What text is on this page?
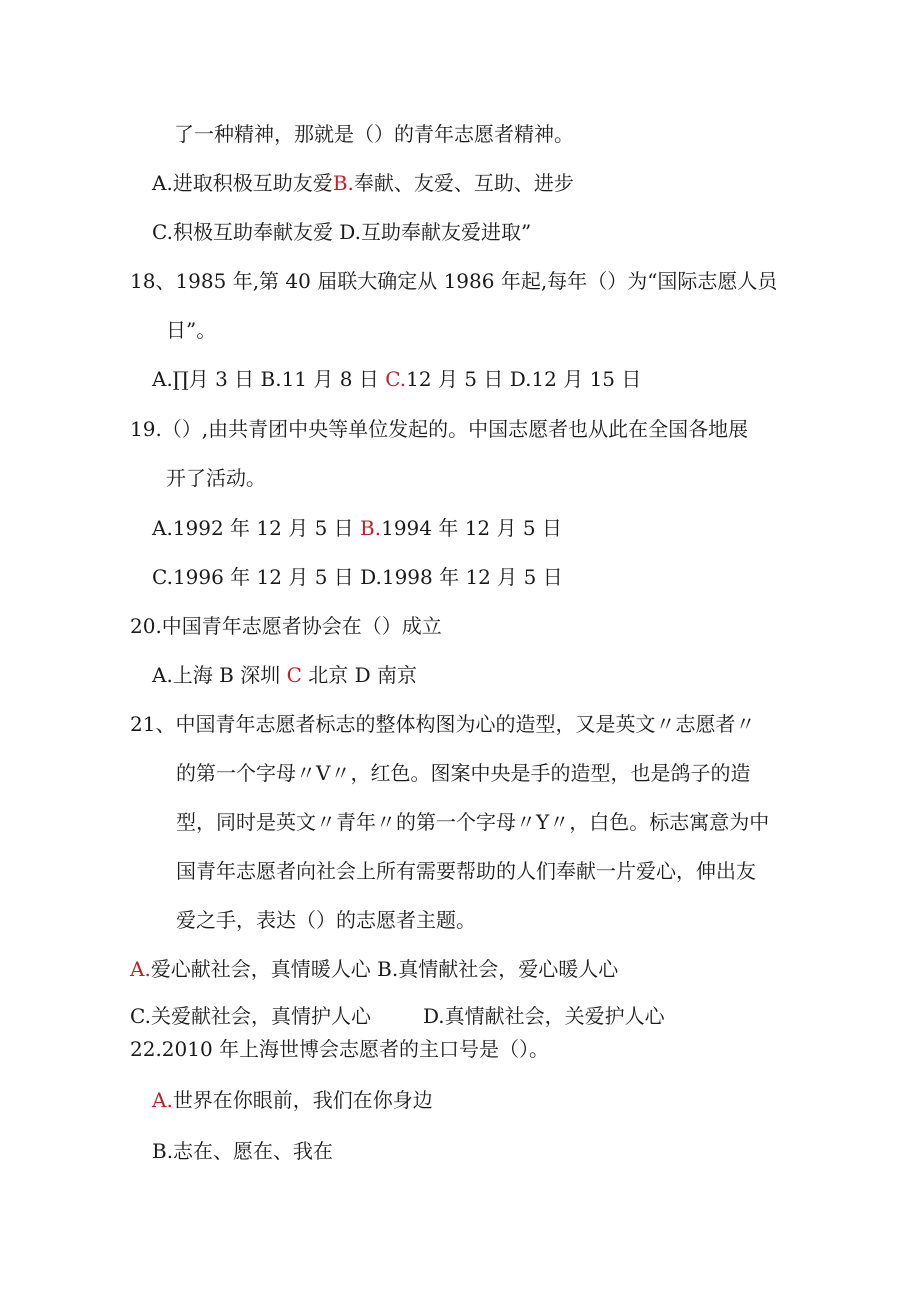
了一种精神，那就是（）的青年志愿者精神。
A.进取积极互助友爱B.奉献、友爱、互助、进步
C.积极互助奉献友爱 D.互助奉献友爱进取”
18、1985 年,第 40 届联大确定从 1986 年起,每年（）为“国际志愿人员
日”。
A.∏月 3 日 B.11 月 8 日 C.12 月 5 日 D.12 月 15 日
19.（）,由共青团中央等单位发起的。中国志愿者也从此在全国各地展
开了活动。
A.1992 年 12 月 5 日 B.1994 年 12 月 5 日
C.1996 年 12 月 5 日 D.1998 年 12 月 5 日
20.中国青年志愿者协会在（）成立
A.上海 B 深圳 C 北京 D 南京
21、中国青年志愿者标志的整体构图为心的造型，又是英文〃志愿者〃
的第一个字母〃V〃，红色。图案中央是手的造型，也是鸽子的造
型，同时是英文〃青年〃的第一个字母〃Y〃，白色。标志寓意为中
国青年志愿者向社会上所有需要帮助的人们奉献一片爱心，伸出友
爱之手，表达（）的志愿者主题。
A.爱心献社会，真情暖人心 B.真情献社会，爱心暖人心
C.关爱献社会，真情护人心	D.真情献社会，关爱护人心
22.2010 年上海世博会志愿者的主口号是（）。
A.世界在你眼前，我们在你身边
B.志在、愿在、我在
